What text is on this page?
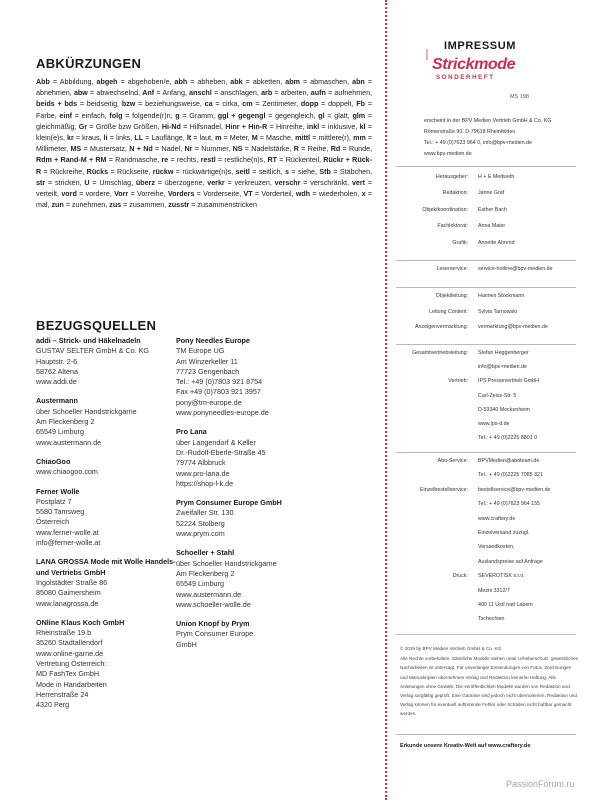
ABKÜRZUNGEN
Abb = Abbildung, abgeh = abgehoben/e, abh = abheben, abk = abketten, abm = abmaschen, abn = abnehmen, abw = abwechselnd, Anf = Anfang, anschl = anschlagen, arb = arbeiten, aufn = aufnehmen, beids + bds = beidseitig, bzw = beziehungsweise, ca = cirka, cm = Zentimeter, dopp = doppelt, Fb = Farbe, einf = einfach, folg = folgende(r)n, g = Gramm, ggl + gegengl = gegengleich, gl = glatt, glm = gleichmäßig, Gr = Größe bzw Größen, Hi-Nd = Hilfsnadel, Hinr + Hin-R = Hinreihe, inkl = inklusive, kl = klein(e)s, kr = kraus, li = links, LL = Lauflänge, lt = laut, m = Meter, M = Masche, mittl = mittlere(r), mm = Millimeter, MS = Mustersatz, N + Nd = Nadel, Nr = Nummer, NS = Nadelstärke, R = Reihe, Rd = Runde, Rdm + Rand-M + RM = Randmasche, re = rechts, restl = restliche(n)s, RT = Rückenteil, Rückr + Rück-R = Rückreihe, Rücks = Rückseite, rückw = rückwärtige(n)s, seitl = seitlich, s = siehe, Stb = Stäbchen, str = stricken, U = Umschlag, überz = überzogene, verkr = verkreuzen, verschr = verschränkt, vert = verteilt, vord = vordere, Vorr = Vorreihe, Vorders = Vorderseite, VT = Vorderteil, wdh = wiederholen, x = mal, zun = zunehmen, zus = zusammen, zusstr = zusammenstricken
BEZUGSQUELLEN
addi – Strick- und Häkelnadeln
GUSTAV SELTER GmbH & Co. KG
Hauptstr. 2-6
58762 Altena
www.addi.de
Austermann
über Schoeller Handstrickgarne
Am Fleckenberg 2
65549 Limburg
www.austermann.de
ChiaoGoo
www.chiaogoo.com
Ferner Wolle
Postplatz 7
5580 Tamsweg
Österreich
www.ferner-wolle.at
info@ferner-wolle.at
LANA GROSSA Mode mit Wolle Handels- und Vertriebs GmbH
Ingolstädter Straße 86
85080 Gaimersheim
www.lanagrossa.de
ONline Klaus Koch GmbH
Rheinstraße 19 b
35260 Stadtallendorf
www.online-garne.de
Vertretung Österreich:
MD FashTex GmbH
Mode in Handarbeiten
Herrenstraße 24
4320 Perg
Pony Needles Europe
TM Europe UG
Am Winzerkeller 11
77723 Gengenbach
Tel.: +49 (0)7803 921 8754
Fax +49 (0)7803 921 3957
pony@tm-europe.de
www.ponyneedles-europe.de
Pro Lana
über Langendorf & Keller
Dr.-Rudolf-Eberle-Straße 45
79774 Albbruck
www.pro-lana.de
https://shop-l-k.de
Prym Consumer Europe GmbH
Zweifaller Str. 130
52224 Stolberg
www.prym.com
Schoeller + Stahl
über Schoeller Handstrickgarne
Am Fleckenberg 2
65549 Limburg
www.austermann.de
www.schoeller-wolle.de
Union Knopf by Prym
Prym Consumer Europe
GmbH
IMPRESSUM
meine
Strickmode
SONDERHEFT
MS 198
erscheint in der BPV Medien Vertrieb GmbH & Co. KG
Römerstraße 90, D-79618 Rheinfelden
Tel.: + 49 (0)7623 964 0, info@bpv-medien.de
www.bpv-medien.de
Herausgeber: H + E Medweth
Redaktion: Janne Graf
Objektkoordination: Esther Bach
Fachlektorat: Anna Maier
Grafik: Annette Ahrend
Leserservice: service-hotline@bpv-medien.de
Objektleitung: Hannes Stockmann
Leitung Content: Sylvia Tarnowski
Anzeigenvermarktung: vermarktung@bpv-medien.de
Gesamtvertriebsleitung: Stefan Heggenberger
info@bpv-medien.de
Vertrieb: IPS Pressevertrieb GmbH
Carl-Zeiss-Str. 5
D-53340 Meckenheim
www.ips-d.de
Tel.: + 49 (0)2225 8801 0
Abo-Service: BPVMedien@aboteam.de
Tel.: + 49 (0)2225 7085 321
Einzelbestellservice: bestellservice@bpv-medien.de
Tel.: + 49 (0)7623 964 155
www.craftery.de
Einzelversand zuzügl.
Versandkosten,
Auslandspreise auf Anfrage
Druck: SEVEROTISK s.r.o.
Mezni 3312/7
400 11 Ústí nad Labem
Tschechien

© 2026 by BPV Medien Vertrieb GmbH & Co. KG

Alle Rechte vorbehalten. Sämtliche Modelle stehen unter Urheberschutz, gewerbliches Nacharbeiten ist untersagt. Für unverlangte Einsendungen von Fotos, Zeichnungen und Manuskripten übernehmen Verlag und Redaktion keinerlei Haftung. Alle Anleitungen ohne Gewähr. Die veröffentlichten Modelle wurden von Redaktion und Verlag sorgfältig geprüft. Eine Garantie wird jedoch nicht übernommen. Redaktion und Verlag können für eventuell auftretende Fehler oder Schäden nicht haftbar gemacht werden.

Erkunde unsere Kreativ-Welt auf www.craftery.de
PassionForum.ru
